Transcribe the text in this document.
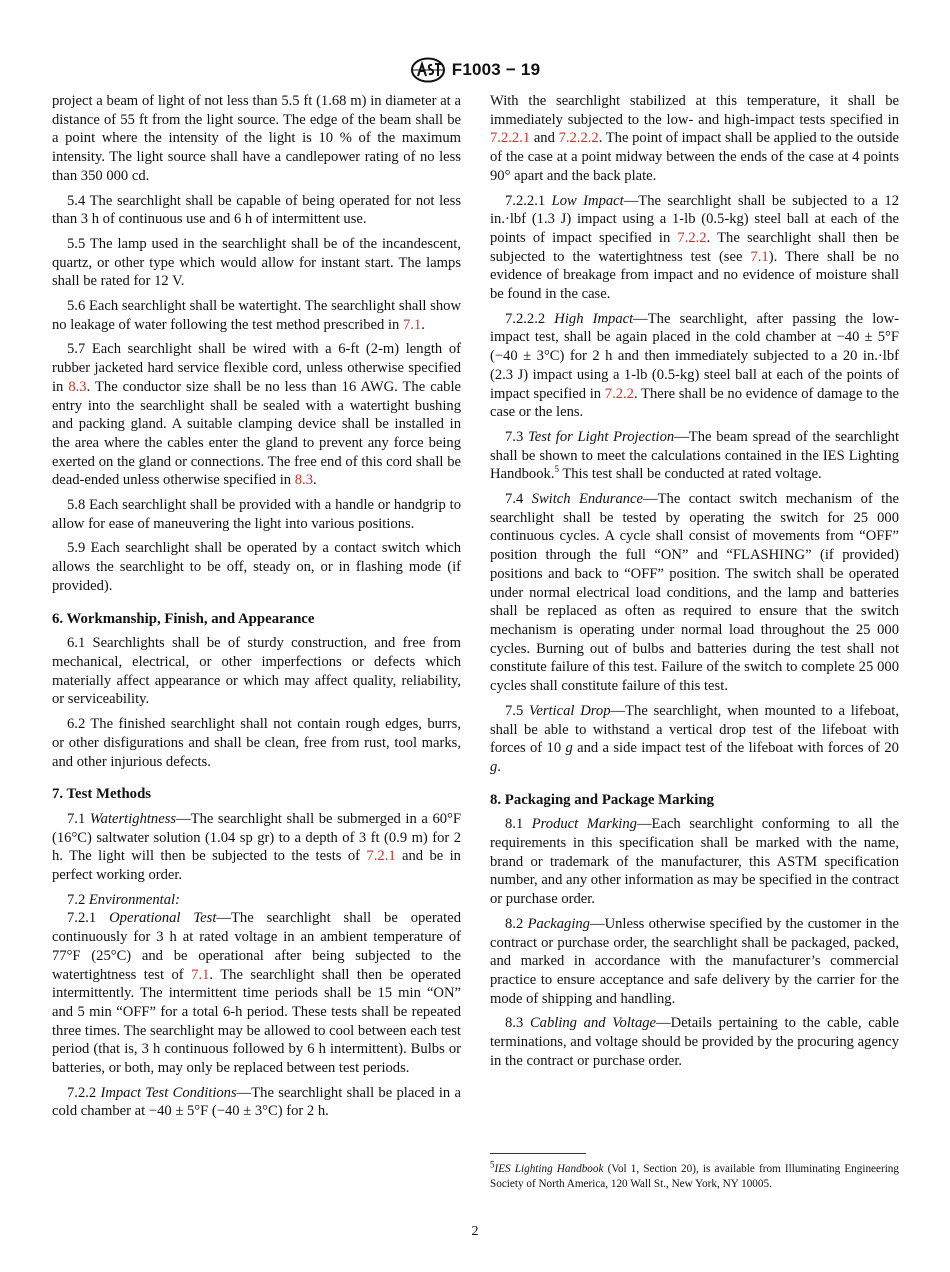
F1003 − 19

project a beam of light of not less than 5.5 ft (1.68 m) in diameter at a distance of 55 ft from the light source. The edge of the beam shall be a point where the intensity of the light is 10 % of the maximum intensity. The light source shall have a candlepower rating of no less than 350 000 cd.

5.4 The searchlight shall be capable of being operated for not less than 3 h of continuous use and 6 h of intermittent use.

5.5 The lamp used in the searchlight shall be of the incandescent, quartz, or other type which would allow for instant start. The lamps shall be rated for 12 V.

5.6 Each searchlight shall be watertight. The searchlight shall show no leakage of water following the test method prescribed in 7.1.

5.7 Each searchlight shall be wired with a 6-ft (2-m) length of rubber jacketed hard service flexible cord, unless otherwise specified in 8.3. The conductor size shall be no less than 16 AWG. The cable entry into the searchlight shall be sealed with a watertight bushing and packing gland. A suitable clamping device shall be installed in the area where the cables enter the gland to prevent any force being exerted on the gland or connections. The free end of this cord shall be dead-ended unless otherwise specified in 8.3.

5.8 Each searchlight shall be provided with a handle or handgrip to allow for ease of maneuvering the light into various positions.

5.9 Each searchlight shall be operated by a contact switch which allows the searchlight to be off, steady on, or in flashing mode (if provided).

6. Workmanship, Finish, and Appearance

6.1 Searchlights shall be of sturdy construction, and free from mechanical, electrical, or other imperfections or defects which materially affect appearance or which may affect quality, reliability, or serviceability.

6.2 The finished searchlight shall not contain rough edges, burrs, or other disfigurations and shall be clean, free from rust, tool marks, and other injurious defects.

7. Test Methods

7.1 Watertightness—The searchlight shall be submerged in a 60°F (16°C) saltwater solution (1.04 sp gr) to a depth of 3 ft (0.9 m) for 2 h. The light will then be subjected to the tests of 7.2.1 and be in perfect working order.

7.2 Environmental:

7.2.1 Operational Test—The searchlight shall be operated continuously for 3 h at rated voltage in an ambient temperature of 77°F (25°C) and be operational after being subjected to the watertightness test of 7.1. The searchlight shall then be operated intermittently. The intermittent time periods shall be 15 min “ON” and 5 min “OFF” for a total 6-h period. These tests shall be repeated three times. The searchlight may be allowed to cool between each test period (that is, 3 h continuous followed by 6 h intermittent). Bulbs or batteries, or both, may only be replaced between test periods.

7.2.2 Impact Test Conditions—The searchlight shall be placed in a cold chamber at −40 ± 5°F (−40 ± 3°C) for 2 h.

With the searchlight stabilized at this temperature, it shall be immediately subjected to the low- and high-impact tests specified in 7.2.2.1 and 7.2.2.2. The point of impact shall be applied to the outside of the case at a point midway between the ends of the case at 4 points 90° apart and the back plate.

7.2.2.1 Low Impact—The searchlight shall be subjected to a 12 in.·lbf (1.3 J) impact using a 1-lb (0.5-kg) steel ball at each of the points of impact specified in 7.2.2. The searchlight shall then be subjected to the watertightness test (see 7.1). There shall be no evidence of breakage from impact and no evidence of moisture shall be found in the case.

7.2.2.2 High Impact—The searchlight, after passing the low-impact test, shall be again placed in the cold chamber at −40 ± 5°F (−40 ± 3°C) for 2 h and then immediately subjected to a 20 in.·lbf (2.3 J) impact using a 1-lb (0.5-kg) steel ball at each of the points of impact specified in 7.2.2. There shall be no evidence of damage to the case or the lens.

7.3 Test for Light Projection—The beam spread of the searchlight shall be shown to meet the calculations contained in the IES Lighting Handbook.$^5$ This test shall be conducted at rated voltage.

7.4 Switch Endurance—The contact switch mechanism of the searchlight shall be tested by operating the switch for 25 000 continuous cycles. A cycle shall consist of movements from “OFF” position through the full “ON” and “FLASHING” (if provided) positions and back to “OFF” position. The switch shall be operated under normal electrical load conditions, and the lamp and batteries shall be replaced as often as required to ensure that the switch mechanism is operating under normal load throughout the 25 000 cycles. Burning out of bulbs and batteries during the test shall not constitute failure of this test. Failure of the switch to complete 25 000 cycles shall constitute failure of this test.

7.5 Vertical Drop—The searchlight, when mounted to a lifeboat, shall be able to withstand a vertical drop test of the lifeboat with forces of 10 g and a side impact test of the lifeboat with forces of 20 g.

8. Packaging and Package Marking

8.1 Product Marking—Each searchlight conforming to all the requirements in this specification shall be marked with the name, brand or trademark of the manufacturer, this ASTM specification number, and any other information as may be specified in the contract or purchase order.

8.2 Packaging—Unless otherwise specified by the customer in the contract or purchase order, the searchlight shall be packaged, packed, and marked in accordance with the manufacturer’s commercial practice to ensure acceptance and safe delivery by the carrier for the mode of shipping and handling.

8.3 Cabling and Voltage—Details pertaining to the cable, cable terminations, and voltage should be provided by the procuring agency in the contract or purchase order.

$^5$IES Lighting Handbook (Vol 1, Section 20), is available from Illuminating Engineering Society of North America, 120 Wall St., New York, NY 10005.
2
